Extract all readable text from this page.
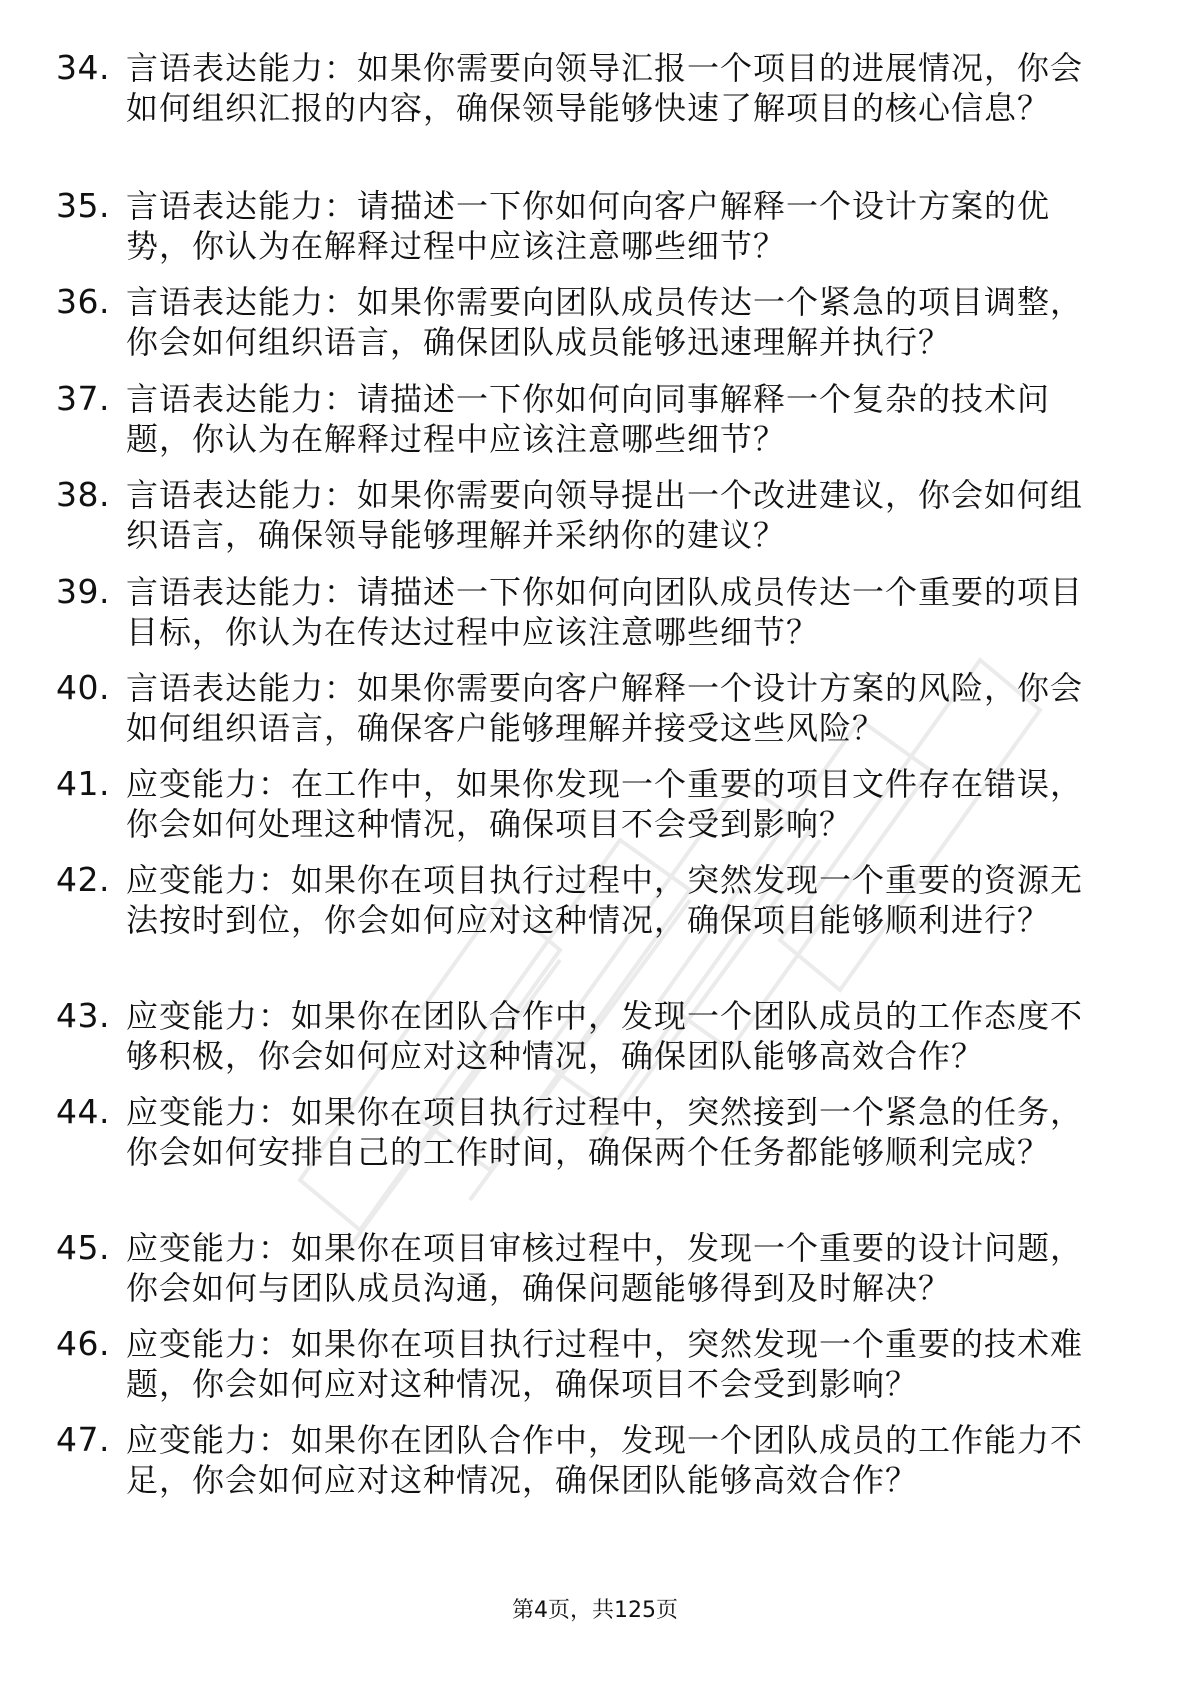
34. 言语表达能力：如果你需要向领导汇报一个项目的进展情况，你会如何组织汇报的内容，确保领导能够快速了解项目的核心信息？
35. 言语表达能力：请描述一下你如何向客户解释一个设计方案的优势，你认为在解释过程中应该注意哪些细节？
36. 言语表达能力：如果你需要向团队成员传达一个紧急的项目调整，你会如何组织语言，确保团队成员能够迅速理解并执行？
37. 言语表达能力：请描述一下你如何向同事解释一个复杂的技术问题，你认为在解释过程中应该注意哪些细节？
38. 言语表达能力：如果你需要向领导提出一个改进建议，你会如何组织语言，确保领导能够理解并采纳你的建议？
39. 言语表达能力：请描述一下你如何向团队成员传达一个重要的项目目标，你认为在传达过程中应该注意哪些细节？
40. 言语表达能力：如果你需要向客户解释一个设计方案的风险，你会如何组织语言，确保客户能够理解并接受这些风险？
41. 应变能力：在工作中，如果你发现一个重要的项目文件存在错误，你会如何处理这种情况，确保项目不会受到影响？
42. 应变能力：如果你在项目执行过程中，突然发现一个重要的资源无法按时到位，你会如何应对这种情况，确保项目能够顺利进行？
43. 应变能力：如果你在团队合作中，发现一个团队成员的工作态度不够积极，你会如何应对这种情况，确保团队能够高效合作？
44. 应变能力：如果你在项目执行过程中，突然接到一个紧急的任务，你会如何安排自己的工作时间，确保两个任务都能够顺利完成？
45. 应变能力：如果你在项目审核过程中，发现一个重要的设计问题，你会如何与团队成员沟通，确保问题能够得到及时解决？
46. 应变能力：如果你在项目执行过程中，突然发现一个重要的技术难题，你会如何应对这种情况，确保项目不会受到影响？
47. 应变能力：如果你在团队合作中，发现一个团队成员的工作能力不足，你会如何应对这种情况，确保团队能够高效合作？
第4页，共125页
